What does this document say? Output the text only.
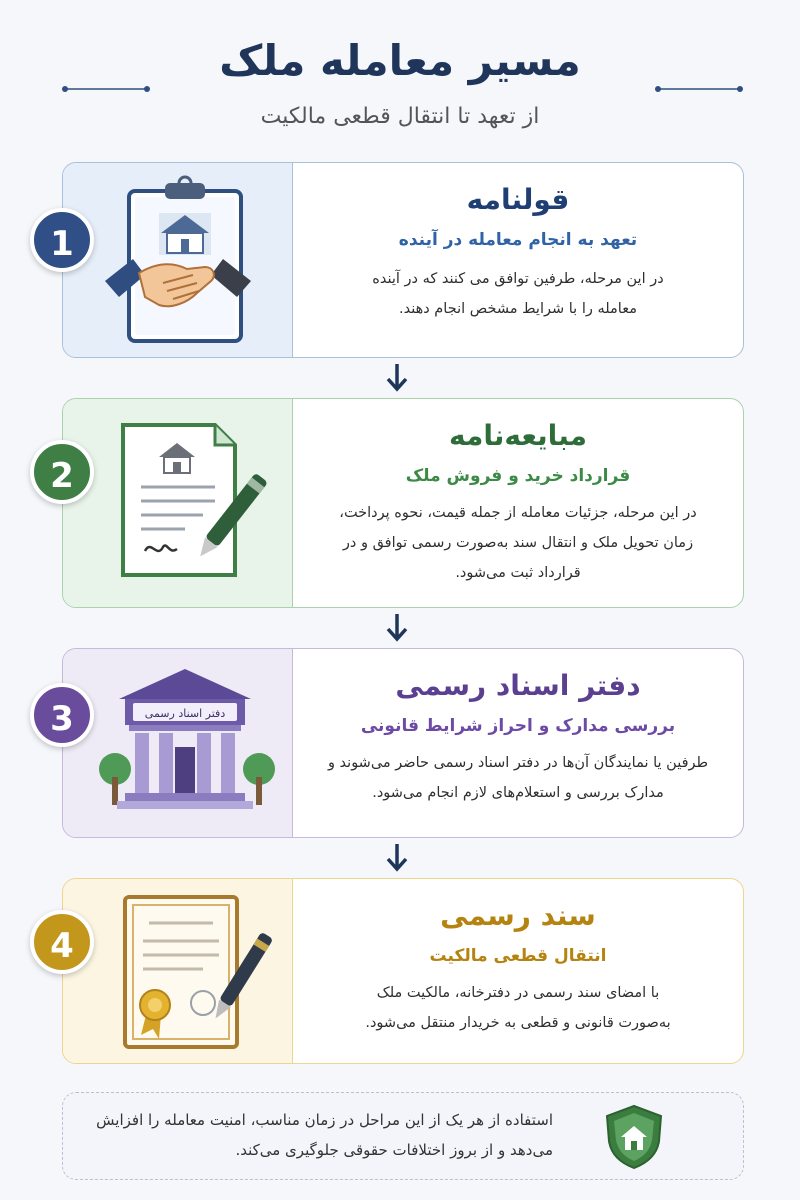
مسیر معامله ملک
از تعهد تا انتقال قطعی مالکیت
1
قولنامه
تعهد به انجام معامله در آینده
در این مرحله، طرفین توافق می کنند که در آینده معامله را با شرایط مشخص انجام دهند.
2
مبایعه‌نامه
قرارداد خرید و فروش ملک
در این مرحله، جزئیات معامله از جمله قیمت، نحوه پرداخت، زمان تحویل ملک و انتقال سند به‌صورت رسمی توافق و در قرارداد ثبت می‌شود.
3	دفتر اسناد رسمی
دفتر اسناد رسمی
بررسی مدارک و احراز شرایط قانونی
طرفین یا نمایندگان آن‌ها در دفتر اسناد رسمی حاضر می‌شوند و مدارک بررسی و استعلام‌های لازم انجام می‌شود.
4
سند رسمی
انتقال قطعی مالکیت
با امضای سند رسمی در دفترخانه، مالکیت ملک به‌صورت قانونی و قطعی به خریدار منتقل می‌شود.
استفاده از هر یک از این مراحل در زمان مناسب، امنیت معامله را افزایش می‌دهد و از بروز اختلافات حقوقی جلوگیری می‌کند.
